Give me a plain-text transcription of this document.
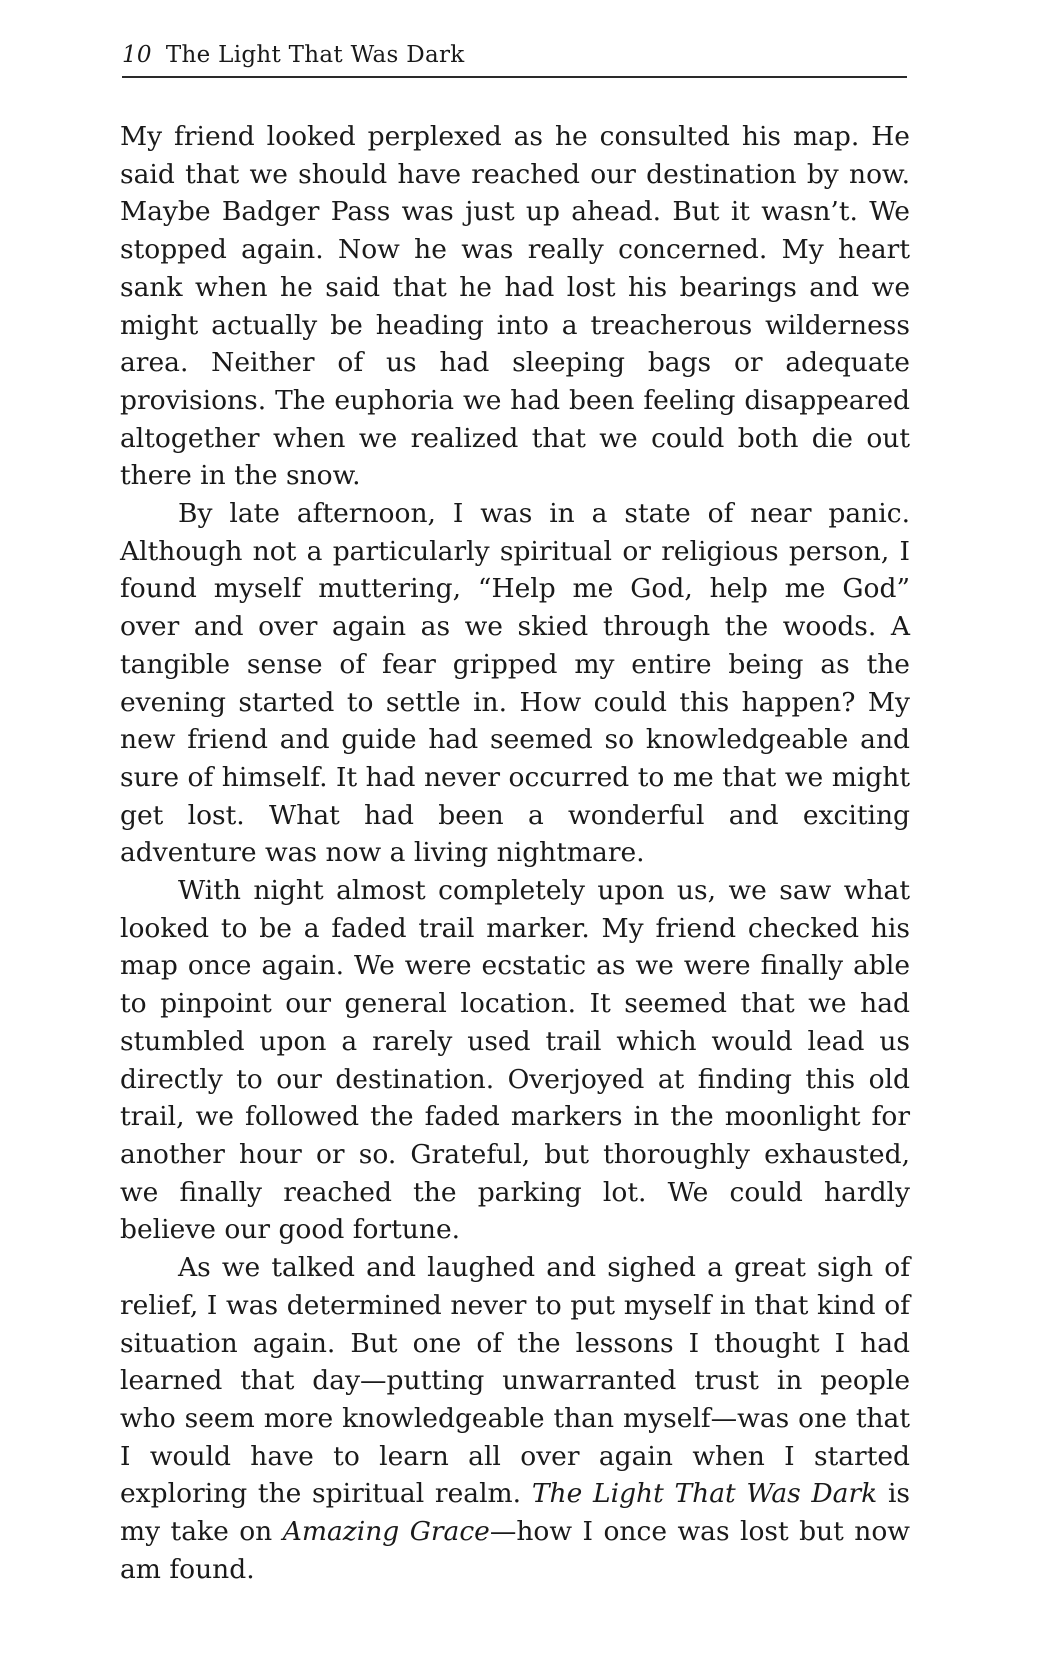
10 The Light That Was Dark

My friend looked perplexed as he consulted his map. He said that we should have reached our destination by now. Maybe Badger Pass was just up ahead. But it wasn’t. We stopped again. Now he was really concerned. My heart sank when he said that he had lost his bearings and we might actually be heading into a treacherous wilderness area. Neither of us had sleeping bags or adequate provisions. The euphoria we had been feeling disappeared altogether when we realized that we could both die out there in the snow.

By late afternoon, I was in a state of near panic. Although not a particularly spiritual or religious person, I found myself muttering, “Help me God, help me God” over and over again as we skied through the woods. A tangible sense of fear gripped my entire being as the evening started to settle in. How could this happen? My new friend and guide had seemed so knowledgeable and sure of himself. It had never occurred to me that we might get lost. What had been a wonderful and exciting adventure was now a living nightmare.

With night almost completely upon us, we saw what looked to be a faded trail marker. My friend checked his map once again. We were ecstatic as we were finally able to pinpoint our general location. It seemed that we had stumbled upon a rarely used trail which would lead us directly to our destination. Overjoyed at finding this old trail, we followed the faded markers in the moonlight for another hour or so. Grateful, but thoroughly exhausted, we finally reached the parking lot. We could hardly believe our good fortune.

As we talked and laughed and sighed a great sigh of relief, I was determined never to put myself in that kind of situation again. But one of the lessons I thought I had learned that day—putting unwarranted trust in people who seem more knowledgeable than myself—was one that I would have to learn all over again when I started exploring the spiritual realm. The Light That Was Dark is my take on Amazing Grace—how I once was lost but now am found.
